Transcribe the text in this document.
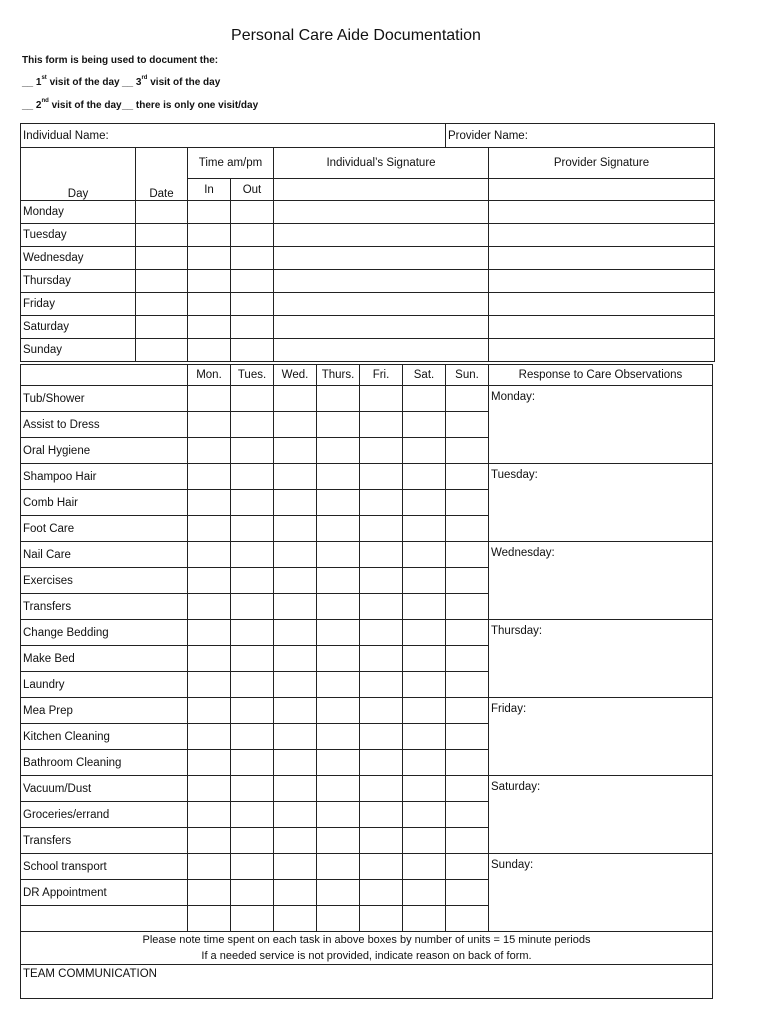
Personal Care Aide Documentation
This form is being used to document the:
__ 1st visit of the day __ 3rd visit of the day
__ 2nd visit of the day __ there is only one visit/day
Individual Name:					Provider Name:	
Day	Date	Time am/pm		Individual’s Signature		Provider Signature
		In	Out			
Monday						
Tuesday						
Wednesday						
Thursday						
Friday						
Saturday						
Sunday						
	Mon.	Tues.	Wed.	Thurs.	Fri.	Sat.	Sun.	Response to Care Observations
Tub/Shower								Monday:
Assist to Dress								
Oral Hygiene								
Shampoo Hair								Tuesday:
Comb Hair								
Foot Care								
Nail Care								Wednesday:
Exercises								
Transfers								
Change Bedding								Thursday:
Make Bed								
Laundry								
Mea Prep								Friday:
Kitchen Cleaning								
Bathroom Cleaning								
Vacuum/Dust								Saturday:
Groceries/errand								
Transfers								
School transport								Sunday:
DR Appointment								

Please note time spent on each task in above boxes by number of units = 15 minute periods
If a needed service is not provided, indicate reason on back of form.								

TEAM COMMUNICATION								
